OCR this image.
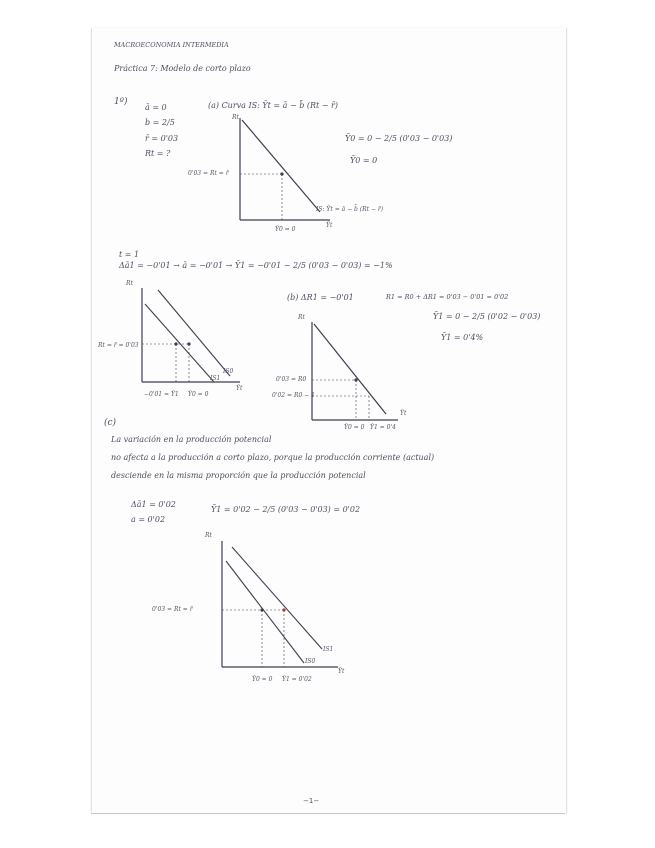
MACROECONOMIA INTERMEDIA
Práctica 7: Modelo de corto plazo
1º)
ā = 0
b = 2/5
r̄ = 0'03
Rt = ?
(a) Curva IS: Ỹt = ā − b̄ (Rt − r̄)
Ỹ0 = 0 − 2/5 (0'03 − 0'03)
Ỹ0 = 0
Rt
Ỹt
0'03 = Rt = r̄
IS: Ỹt = ā − b̄ (Rt − r̄)
Ỹ0 = 0
t = 1
Δā1 = −0'01 → ā = −0'01 → Ỹ1 = −0'01 − 2/5 (0'03 − 0'03) = −1%
Rt
Ỹt
Rt = r̄ = 0'03
IS0
IS1
−0'01 = Ỹ1 Ỹ0 = 0
(b) ΔR1 = −0'01	R1 = R0 + ΔR1 = 0'03 − 0'01 = 0'02
Ỹ1 = 0 − 2/5 (0'02 − 0'03)
Ỹ1 = 0'4%
Rt
Ỹt
0'03 = R0
0'02 = R0 − 1
Ỹ0 = 0 Ỹ1 = 0'4
(c)
La variación en la producción potencial
no afecta a la producción a corto plazo, porque la producción corriente (actual)
desciende en la misma proporción que la producción potencial
Δā1 = 0'02
a = 0'02
Ỹ1 = 0'02 − 2/5 (0'03 − 0'03) = 0'02
Rt
Ỹt
0'03 = Rt = r̄
IS1
IS0
Ỹ0 = 0 Ỹ1 = 0'02
−1−
